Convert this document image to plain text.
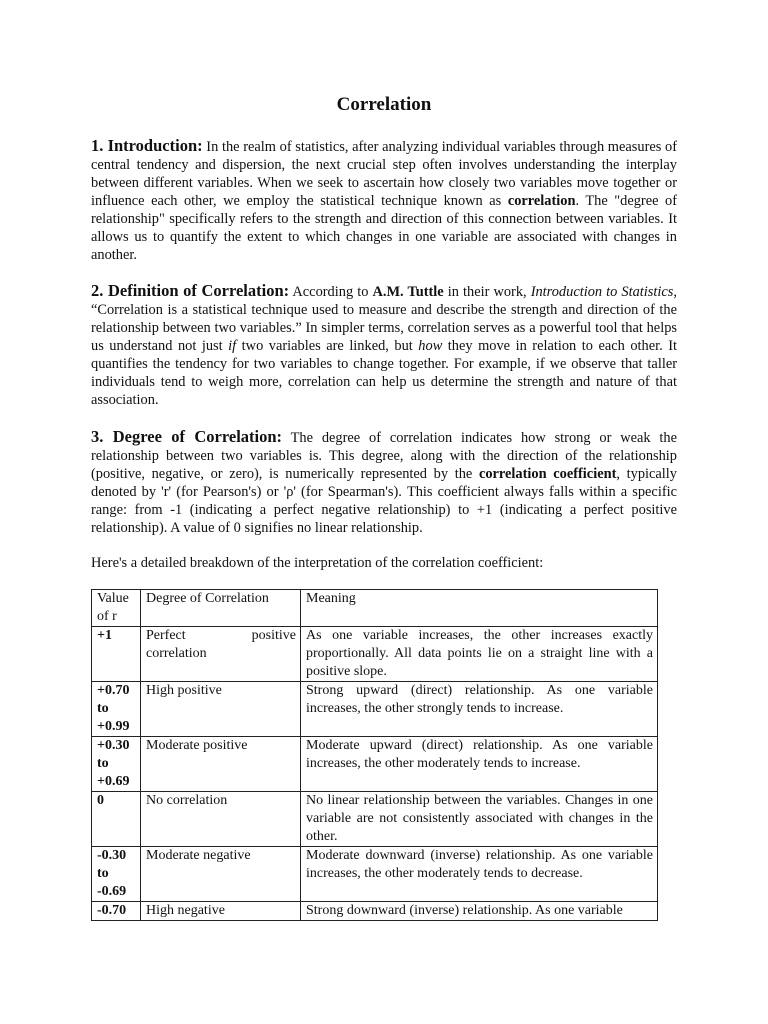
Correlation

1. Introduction: In the realm of statistics, after analyzing individual variables through measures of central tendency and dispersion, the next crucial step often involves understanding the interplay between different variables. When we seek to ascertain how closely two variables move together or influence each other, we employ the statistical technique known as correlation. The "degree of relationship" specifically refers to the strength and direction of this connection between variables. It allows us to quantify the extent to which changes in one variable are associated with changes in another.

2. Definition of Correlation: According to A.M. Tuttle in their work, Introduction to Statistics, “Correlation is a statistical technique used to measure and describe the strength and direction of the relationship between two variables.” In simpler terms, correlation serves as a powerful tool that helps us understand not just if two variables are linked, but how they move in relation to each other. It quantifies the tendency for two variables to change together. For example, if we observe that taller individuals tend to weigh more, correlation can help us determine the strength and nature of that association.

3. Degree of Correlation: The degree of correlation indicates how strong or weak the relationship between two variables is. This degree, along with the direction of the relationship (positive, negative, or zero), is numerically represented by the correlation coefficient, typically denoted by 'r' (for Pearson's) or 'ρ' (for Spearman's). This coefficient always falls within a specific range: from -1 (indicating a perfect negative relationship) to +1 (indicating a perfect positive relationship). A value of 0 signifies no linear relationship.

Here's a detailed breakdown of the interpretation of the correlation coefficient:

Value of r	Degree of Correlation	Meaning
+1	Perfect positive correlation	As one variable increases, the other increases exactly proportionally. All data points lie on a straight line with a positive slope.
+0.70 to +0.99	High positive	Strong upward (direct) relationship. As one variable increases, the other strongly tends to increase.
+0.30 to +0.69	Moderate positive	Moderate upward (direct) relationship. As one variable increases, the other moderately tends to increase.
0	No correlation	No linear relationship between the variables. Changes in one variable are not consistently associated with changes in the other.
-0.30 to -0.69	Moderate negative	Moderate downward (inverse) relationship. As one variable increases, the other moderately tends to decrease.
-0.70	High negative	Strong downward (inverse) relationship. As one variable
